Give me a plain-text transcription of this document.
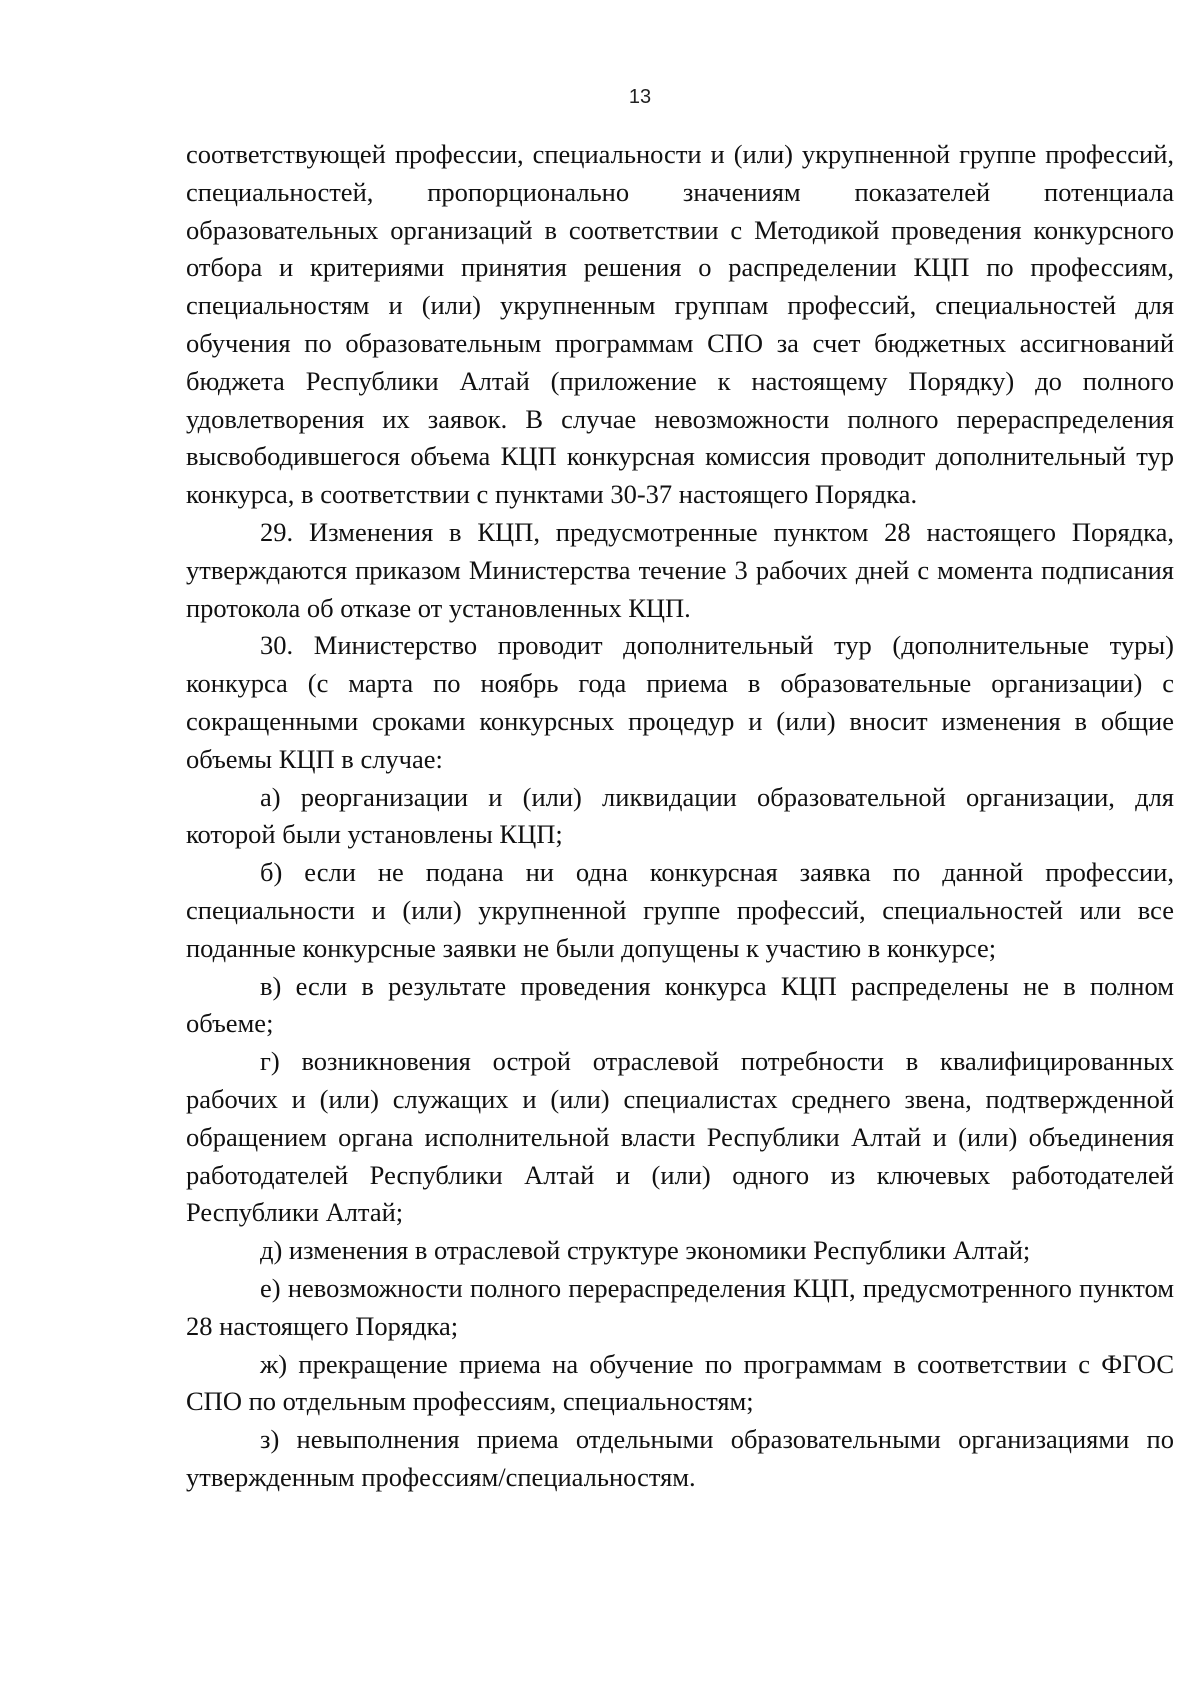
13

соответствующей профессии, специальности и (или) укрупненной группе профессий, специальностей, пропорционально значениям показателей потенциала образовательных организаций в соответствии с Методикой проведения конкурсного отбора и критериями принятия решения о распределении КЦП по профессиям, специальностям и (или) укрупненным группам профессий, специальностей для обучения по образовательным программам СПО за счет бюджетных ассигнований бюджета Республики Алтай (приложение к настоящему Порядку) до полного удовлетворения их заявок. В случае невозможности полного перераспределения высвободившегося объема КЦП конкурсная комиссия проводит дополнительный тур конкурса, в соответствии с пунктами 30-37 настоящего Порядка.

29. Изменения в КЦП, предусмотренные пунктом 28 настоящего Порядка, утверждаются приказом Министерства течение 3 рабочих дней с момента подписания протокола об отказе от установленных КЦП.

30. Министерство проводит дополнительный тур (дополнительные туры) конкурса (с марта по ноябрь года приема в образовательные организации) с сокращенными сроками конкурсных процедур и (или) вносит изменения в общие объемы КЦП в случае:

а) реорганизации и (или) ликвидации образовательной организации, для которой были установлены КЦП;

б) если не подана ни одна конкурсная заявка по данной профессии, специальности и (или) укрупненной группе профессий, специальностей или все поданные конкурсные заявки не были допущены к участию в конкурсе;

в) если в результате проведения конкурса КЦП распределены не в полном объеме;

г) возникновения острой отраслевой потребности в квалифицированных рабочих и (или) служащих и (или) специалистах среднего звена, подтвержденной обращением органа исполнительной власти Республики Алтай и (или) объединения работодателей Республики Алтай и (или) одного из ключевых работодателей Республики Алтай;

д) изменения в отраслевой структуре экономики Республики Алтай;

е) невозможности полного перераспределения КЦП, предусмотренного пунктом 28 настоящего Порядка;

ж) прекращение приема на обучение по программам в соответствии с ФГОС СПО по отдельным профессиям, специальностям;

з) невыполнения приема отдельными образовательными организациями по утвержденным профессиям/специальностям.
